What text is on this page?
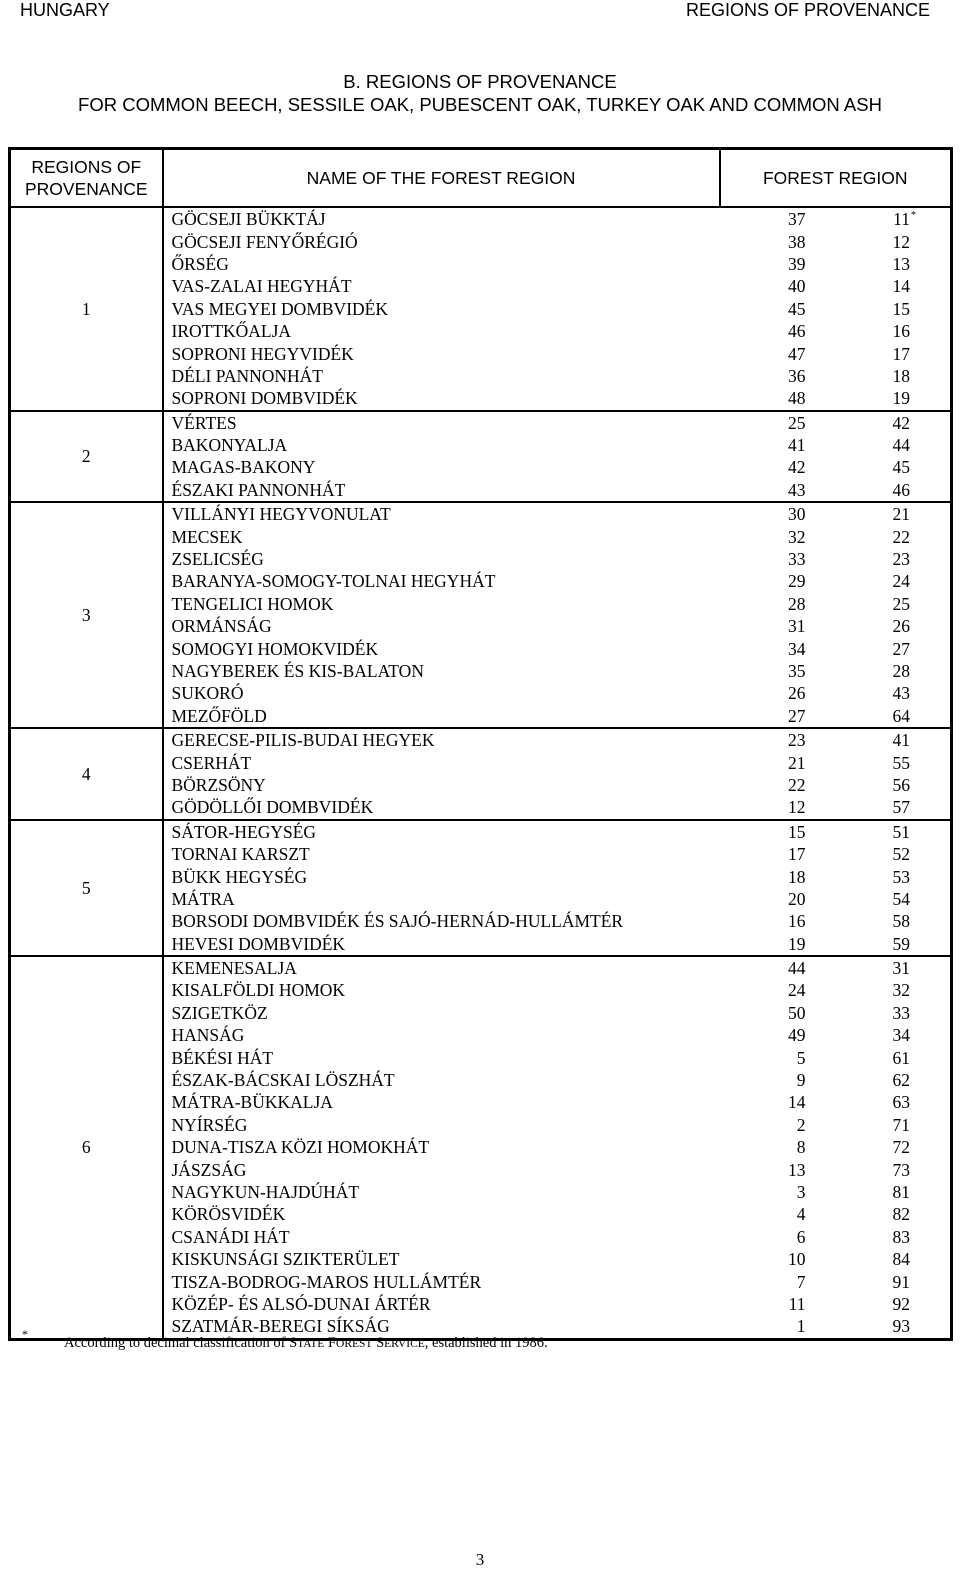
HUNGARY	REGIONS OF PROVENANCE
B. REGIONS OF PROVENANCE
FOR COMMON BEECH, SESSILE OAK, PUBESCENT OAK, TURKEY OAK AND COMMON ASH
REGIONS OF
PROVENANCE	NAME OF THE FOREST REGION	FOREST REGION	
1	GÖCSEJI BÜKKTÁJ	37	11 *

	GÖCSEJI FENYŐRÉGIÓ	38	12
	ŐRSÉG	39	13
	VAS-ZALAI HEGYHÁT	40	14
	VAS MEGYEI DOMBVIDÉK	45	15
	IROTTKŐALJA	46	16
	SOPRONI HEGYVIDÉK	47	17
	DÉLI PANNONHÁT	36	18
	SOPRONI DOMBVIDÉK	48	19
2	VÉRTES	25	42
	BAKONYALJA	41	44
	MAGAS-BAKONY	42	45
	ÉSZAKI PANNONHÁT	43	46
3	VILLÁNYI HEGYVONULAT	30	21
	MECSEK	32	22
	ZSELICSÉG	33	23
	BARANYA-SOMOGY-TOLNAI HEGYHÁT	29	24
	TENGELICI HOMOK	28	25
	ORMÁNSÁG	31	26
	SOMOGYI HOMOKVIDÉK	34	27
	NAGYBEREK ÉS KIS-BALATON	35	28
	SUKORÓ	26	43
	MEZŐFÖLD	27	64
4	GERECSE-PILIS-BUDAI HEGYEK	23	41
	CSERHÁT	21	55
	BÖRZSÖNY	22	56
	GÖDÖLLŐI DOMBVIDÉK	12	57
5	SÁTOR-HEGYSÉG	15	51
	TORNAI KARSZT	17	52
	BÜKK HEGYSÉG	18	53
	MÁTRA	20	54
	BORSODI DOMBVIDÉK ÉS SAJÓ-HERNÁD-HULLÁMTÉR	16	58
	HEVESI DOMBVIDÉK	19	59
6	KEMENESALJA	44	31
	KISALFÖLDI HOMOK	24	32
	SZIGETKÖZ	50	33
	HANSÁG	49	34
	BÉKÉSI HÁT	5	61
	ÉSZAK-BÁCSKAI LÖSZHÁT	9	62
	MÁTRA-BÜKKALJA	14	63
	NYÍRSÉG	2	71
	DUNA-TISZA KÖZI HOMOKHÁT	8	72
	JÁSZSÁG	13	73
	NAGYKUN-HAJDÚHÁT	3	81
	KÖRÖSVIDÉK	4	82
	CSANÁDI HÁT	6	83
	KISKUNSÁGI SZIKTERÜLET	10	84
	TISZA-BODROG-MAROS HULLÁMTÉR	7	91
	KÖZÉP- ÉS ALSÓ-DUNAI ÁRTÉR	11	92
	SZATMÁR-BEREGI SÍKSÁG	1	93
*
According to decimal classification of STATE FOREST SERVICE, established in 1986.
3
